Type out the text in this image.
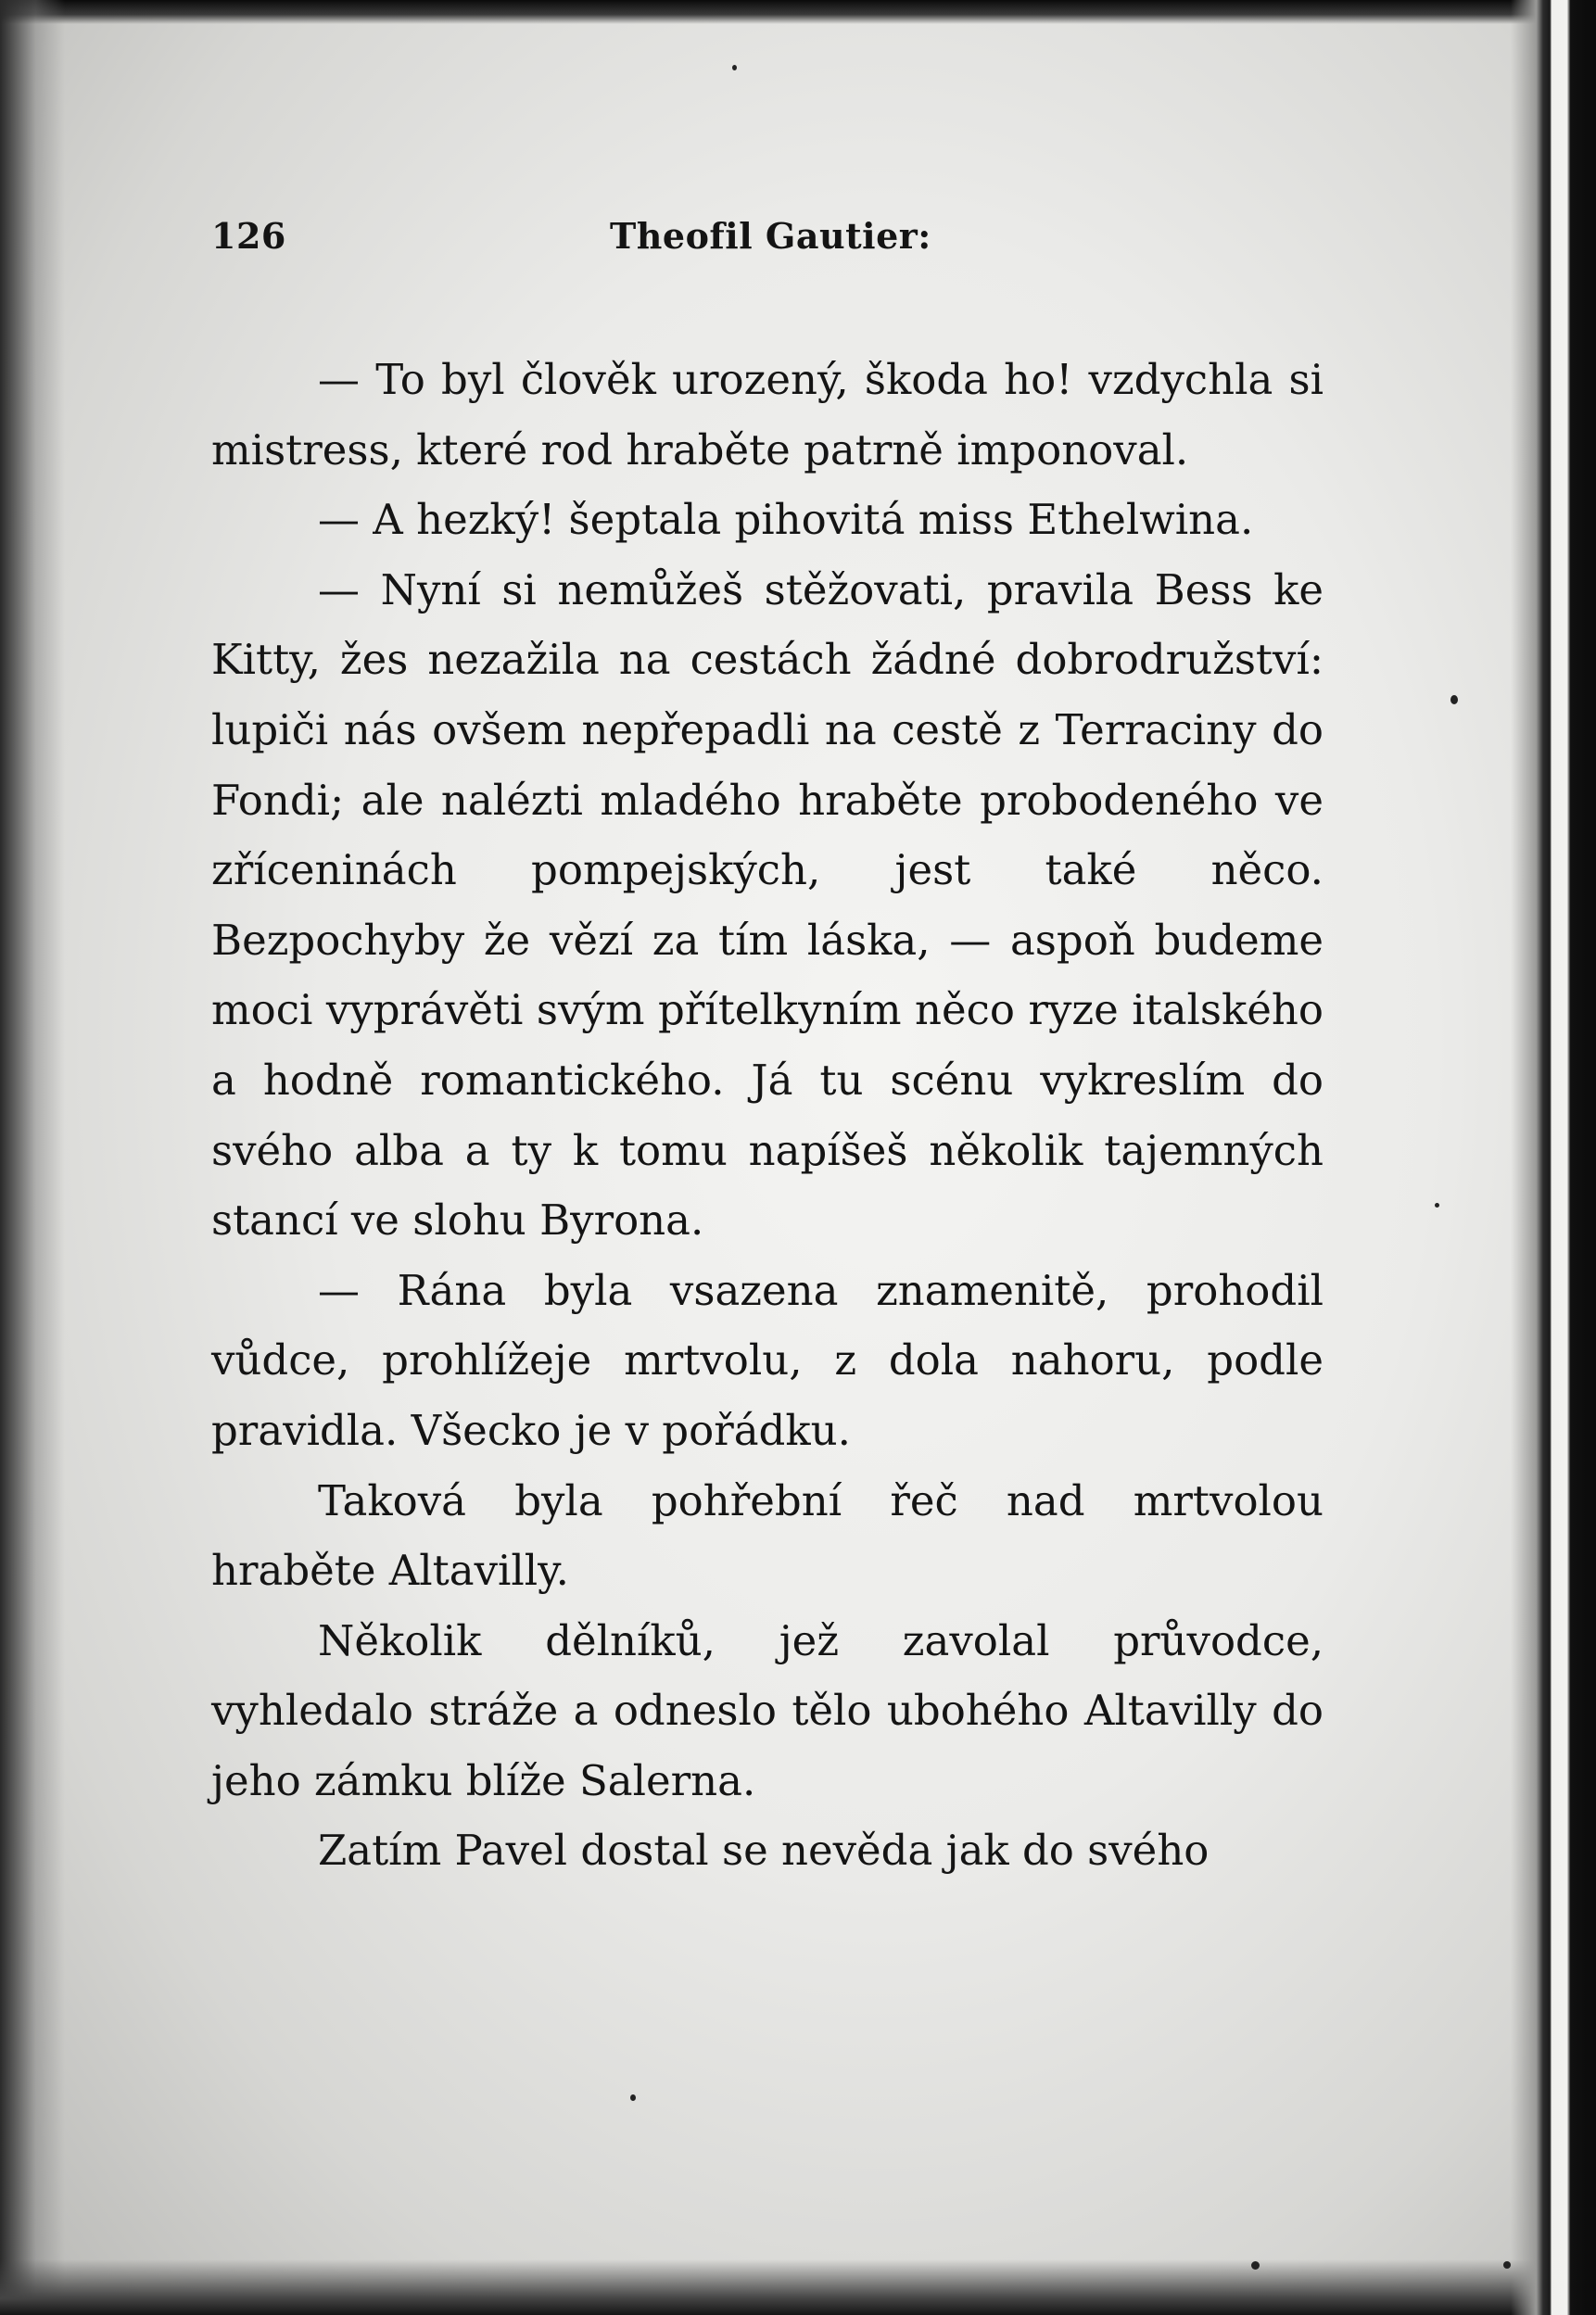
126	Theofil Gautier:

— To byl člověk urozený, škoda ho! vzdychla si mistress, které rod hraběte patrně imponoval.

— A hezký! šeptala pihovitá miss Ethelwina.

— Nyní si nemůžeš stěžovati, pravila Bess ke Kitty, žes nezažila na cestách žádné dobrodružství: lupiči nás ovšem nepřepadli na cestě z Terraciny do Fondi; ale nalézti mladého hraběte probodeného ve zříceninách pompejských, jest také něco. Bezpochyby že vězí za tím láska, — aspoň budeme moci vyprávěti svým přítelkyním něco ryze italského a hodně romantického. Já tu scénu vykreslím do svého alba a ty k tomu napíšeš několik tajemných stancí ve slohu Byrona.

— Rána byla vsazena znamenitě, prohodil vůdce, prohlížeje mrtvolu, z dola nahoru, podle pravidla. Všecko je v pořádku.

Taková byla pohřební řeč nad mrtvolou hraběte Altavilly.

Několik dělníků, jež zavolal průvodce, vyhledalo stráže a odneslo tělo ubohého Altavilly do jeho zámku blíže Salerna.

Zatím Pavel dostal se nevěda jak do svého
